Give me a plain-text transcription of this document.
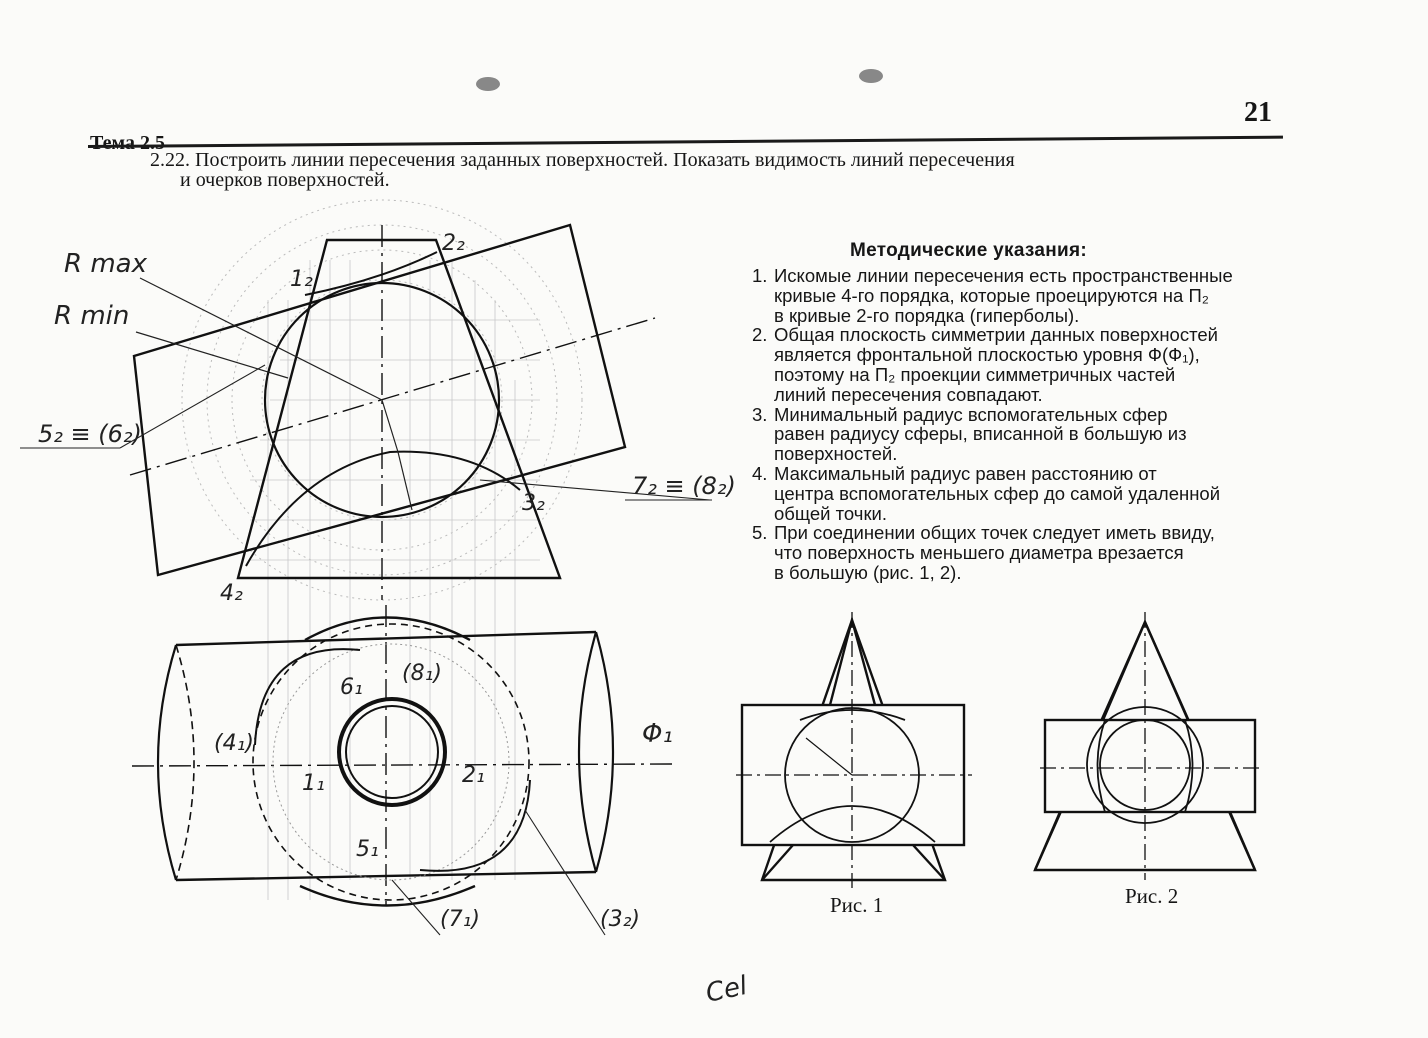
21
Тема 2.5
2.22. Построить линии пересечения заданных поверхностей. Показать видимость линий пересечения
и очерков поверхностей.
Методические указания:
1. Искомые линии пересечения есть пространственные
кривые 4-го порядка, которые проецируются на П₂
в кривые 2-го порядка (гиперболы).
2. Общая плоскость симметрии данных поверхностей
является фронтальной плоскостью уровня Ф(Ф₁),
поэтому на П₂ проекции симметричных частей
линий пересечения совпадают.
3. Минимальный радиус вспомогательных сфер
равен радиусу сферы, вписанной в большую из
поверхностей.
4. Максимальный радиус равен расстоянию от
центра вспомогательных сфер до самой удаленной
общей точки.
5. При соединении общих точек следует иметь ввиду,
что поверхность меньшего диаметра врезается
в большую (рис. 1, 2).
R max
R min
5₂ ≡ (6₂)
7₂ ≡ (8₂)
1₂
2₂
3₂
4₂
Φ₁
(4₁)
6₁
(8₁)
1₁	2₁
5₁
(7₁)	(3₂)
Cel
Рис. 1	Рис. 2
